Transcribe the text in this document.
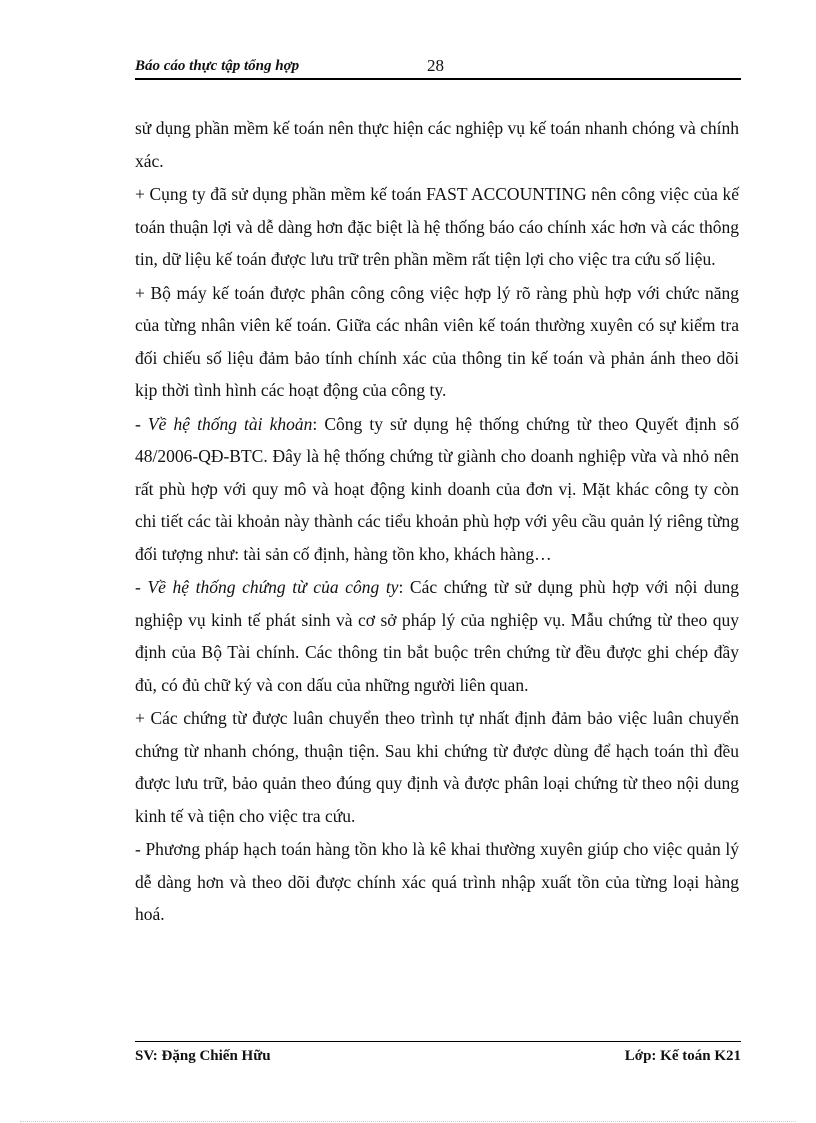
Báo cáo thực tập tổng hợp	28

sử dụng phần mềm kế toán nên thực hiện các nghiệp vụ kế toán nhanh chóng và chính xác.

+ Cụng ty đã sử dụng phần mềm kế toán FAST ACCOUNTING nên công việc của kế toán thuận lợi và dễ dàng hơn đặc biệt là hệ thống báo cáo chính xác hơn và các thông tin, dữ liệu kế toán được lưu trữ trên phần mềm rất tiện lợi cho việc tra cứu số liệu.

+ Bộ máy kế toán được phân công công việc hợp lý rõ ràng phù hợp với chức năng của từng nhân viên kế toán. Giữa các nhân viên kế toán thường xuyên có sự kiểm tra đối chiếu số liệu đảm bảo tính chính xác của thông tin kế toán và phản ánh theo dõi kịp thời tình hình các hoạt động của công ty.

- Về hệ thống tài khoản: Công ty sử dụng hệ thống chứng từ theo Quyết định số 48/2006-QĐ-BTC. Đây là hệ thống chứng từ giành cho doanh nghiệp vừa và nhỏ nên rất phù hợp với quy mô và hoạt động kinh doanh của đơn vị. Mặt khác công ty còn chi tiết các tài khoản này thành các tiểu khoản phù hợp với yêu cầu quản lý riêng từng đối tượng như: tài sản cố định, hàng tồn kho, khách hàng…

- Về hệ thống chứng từ của công ty: Các chứng từ sử dụng phù hợp với nội dung nghiệp vụ kinh tế phát sinh và cơ sở pháp lý của nghiệp vụ. Mẫu chứng từ theo quy định của Bộ Tài chính. Các thông tin bắt buộc trên chứng từ đều được ghi chép đầy đủ, có đủ chữ ký và con dấu của những người liên quan.

+ Các chứng từ được luân chuyển theo trình tự nhất định đảm bảo việc luân chuyển chứng từ nhanh chóng, thuận tiện. Sau khi chứng từ được dùng để hạch toán thì đều được lưu trữ, bảo quản theo đúng quy định và được phân loại chứng từ theo nội dung kinh tế và tiện cho việc tra cứu.

- Phương pháp hạch toán hàng tồn kho là kê khai thường xuyên giúp cho việc quản lý dễ dàng hơn và theo dõi được chính xác quá trình nhập xuất tồn của từng loại hàng hoá.

SV: Đặng Chiến Hữu	Lớp: Kế toán K21
